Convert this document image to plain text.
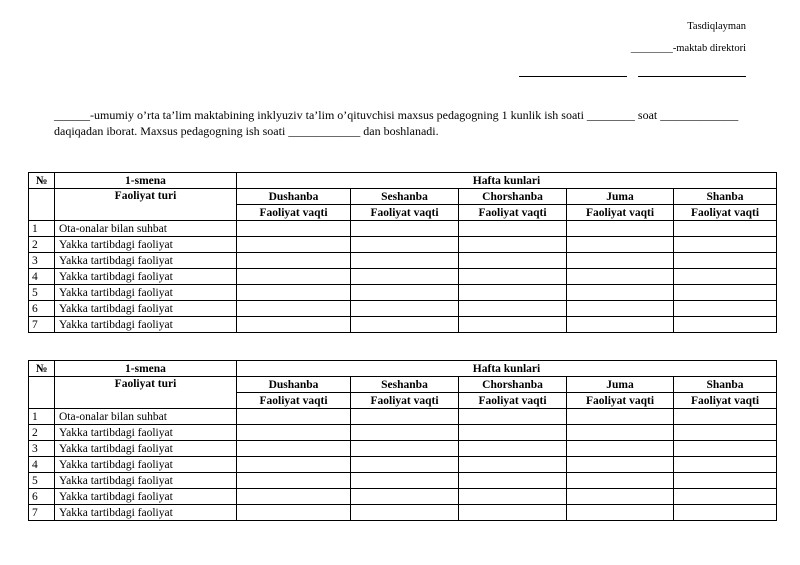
Tasdiqlayman
________-maktab direktori

______-umumiy o’rta ta’lim maktabining inklyuziv ta’lim o’qituvchisi maxsus pedagogning 1 kunlik ish soati ________ soat _____________ daqiqadan iborat. Maxsus pedagogning ish soati ____________ dan boshlanadi.
№	1-smena	Hafta kunlari				
	Faoliyat turi	Dushanba	Seshanba	Chorshanba	Juma	Shanba
		Faoliyat vaqti	Faoliyat vaqti	Faoliyat vaqti	Faoliyat vaqti	Faoliyat vaqti
1	Ota-onalar bilan suhbat					
2	Yakka tartibdagi faoliyat					
3	Yakka tartibdagi faoliyat					
4	Yakka tartibdagi faoliyat					
5	Yakka tartibdagi faoliyat					
6	Yakka tartibdagi faoliyat					
7	Yakka tartibdagi faoliyat					
№	1-smena	Hafta kunlari				
	Faoliyat turi	Dushanba	Seshanba	Chorshanba	Juma	Shanba
		Faoliyat vaqti	Faoliyat vaqti	Faoliyat vaqti	Faoliyat vaqti	Faoliyat vaqti
1	Ota-onalar bilan suhbat					
2	Yakka tartibdagi faoliyat					
3	Yakka tartibdagi faoliyat					
4	Yakka tartibdagi faoliyat					
5	Yakka tartibdagi faoliyat					
6	Yakka tartibdagi faoliyat					
7	Yakka tartibdagi faoliyat					
